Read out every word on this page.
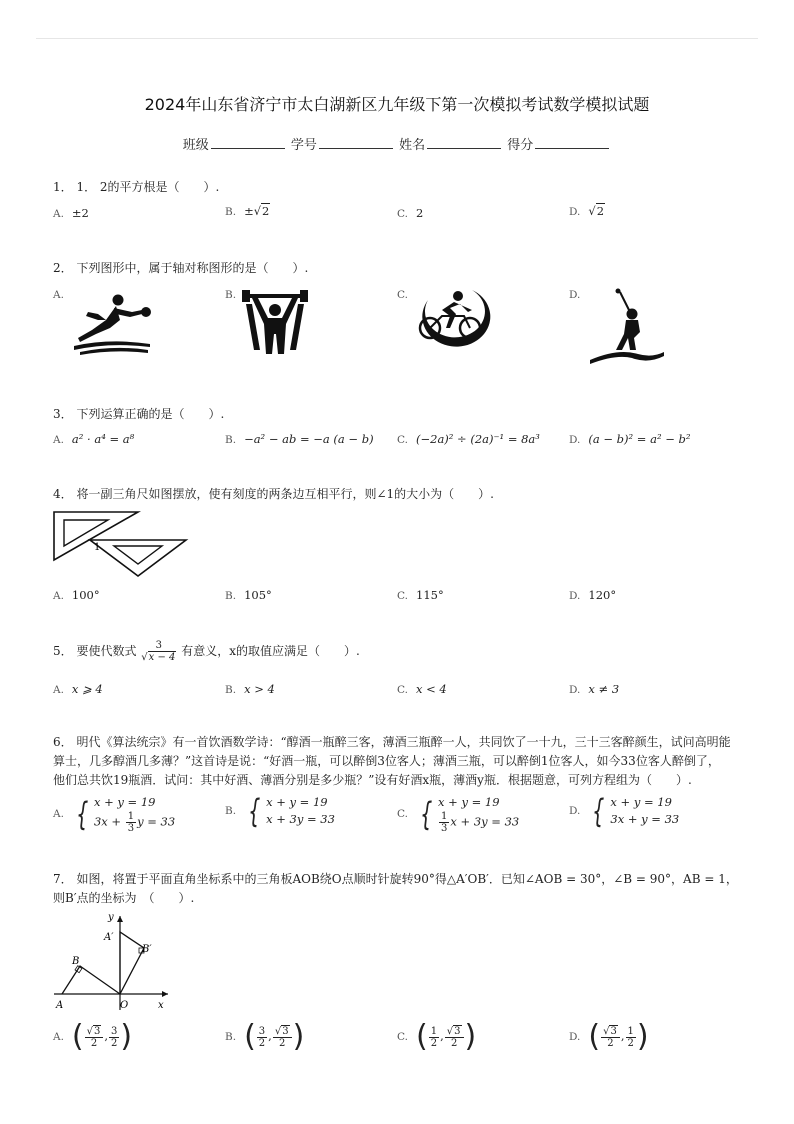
2024年山东省济宁市太白湖新区九年级下第一次模拟考试数学模拟试题
班级	学号	姓名	得分
1． 1． 2的平方根是（　　）.
A. ±2	B. ±√2	C. 2	D. √2
2． 下列图形中，属于轴对称图形的是（　　）.
A.	B.	C.	D.
3． 下列运算正确的是（　　）.
A. a² · a⁴ = a⁸	B. −a² − ab = −a (a − b) C. (−2a)² ÷ (2a)⁻¹ = 8a³	D. (a − b)² = a² − b²
4． 将一副三角尺如图摆放，使有刻度的两条边互相平行，则∠1的大小为（　　）.
1
A. 100°	B. 105°	C. 115°	D. 120°
5． 要使代数式 $\frac{3}{√x - 4}$ 有意义，x的取值应满足（　　）.
A. x ⩾ 4	B. x > 4	C. x < 4	D. x ≠ 3
6． 明代《算法统宗》有一首饮酒数学诗：“醇酒一瓶醉三客，薄酒三瓶醉一人，共同饮了一十九，三十三客醉颜生，试问高明能
算士，几多醇酒几多薄？”这首诗是说：“好酒一瓶，可以醉倒3位客人；薄酒三瓶，可以醉倒1位客人，如今33位客人醉倒了，
他们总共饮19瓶酒．试问：其中好酒、薄酒分别是多少瓶？”设有好酒x瓶，薄酒y瓶．根据题意，可列方程组为（　　）.
A. { x + y = 19
$3x + \frac{1}{3}$ y = 33
B. { x + y = 19
x + 3y = 33	C. { x + y = 19
$\frac{1}{3}$ x + 3y = 33
D. { x + y = 19
3x + y = 33
7． 如图，将置于平面直角坐标系中的三角板AOB绕O点顺时针旋转90°得△A′OB′．已知∠AOB = 30°，∠B = 90°，AB = 1，
则B′点的坐标为　（　　）.
y
x
O
A
B
A′
B′
A. ( $\frac{√3}{2}$ , $\frac{3}{2}$ )	B. ( $\frac{3}{2}$ , $\frac{√3}{2}$ )	C. ( $\frac{1}{2}$ , $\frac{√3}{2}$ )	D. ( $\frac{√3}{2}$ , $\frac{1}{2}$ )
